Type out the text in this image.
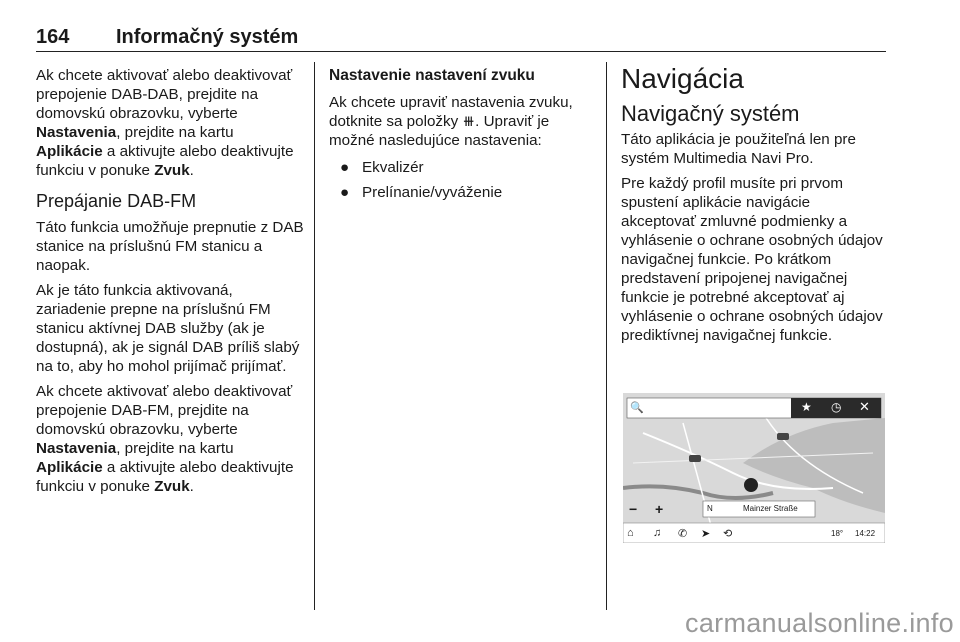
164 Informačný systém

Ak chcete aktivovať alebo deaktivovať prepojenie DAB-DAB, prejdite na domovskú obrazovku, vyberte Nastavenia, prejdite na kartu Aplikácie a aktivujte alebo deaktivujte funkciu v ponuke Zvuk.

Prepájanie DAB-FM

Táto funkcia umožňuje prepnutie z DAB stanice na príslušnú FM stanicu a naopak.

Ak je táto funkcia aktivovaná, zariadenie prepne na príslušnú FM stanicu aktívnej DAB služby (ak je dostupná), ak je signál DAB príliš slabý na to, aby ho mohol prijímač prijímať.

Ak chcete aktivovať alebo deaktivovať prepojenie DAB-FM, prejdite na domovskú obrazovku, vyberte Nastavenia, prejdite na kartu Aplikácie a aktivujte alebo deaktivujte funkciu v ponuke Zvuk.

Nastavenie nastavení zvuku

Ak chcete upraviť nastavenia zvuku, dotknite sa položky ⧻. Upraviť je možné nasledujúce nastavenia:

● Ekvalizér
● Prelínanie/vyváženie
Navigácia
Navigačný systém

Táto aplikácia je použiteľná len pre systém Multimedia Navi Pro.

Pre každý profil musíte pri prvom spustení aplikácie navigácie akceptovať zmluvné podmienky a vyhlásenie o ochrane osobných údajov navigačnej funkcie. Po krátkom predstavení pripojenej navigačnej funkcie je potrebné akceptovať aj vyhlásenie o ochrane osobných údajov prediktívnej navigačnej funkcie.

🔍	★ ◷ ✕
⌂ ♫ ✆ ➤ ⟲
− +	N	Mainzer Straße
18° 14:22
carmanualsonline.info
